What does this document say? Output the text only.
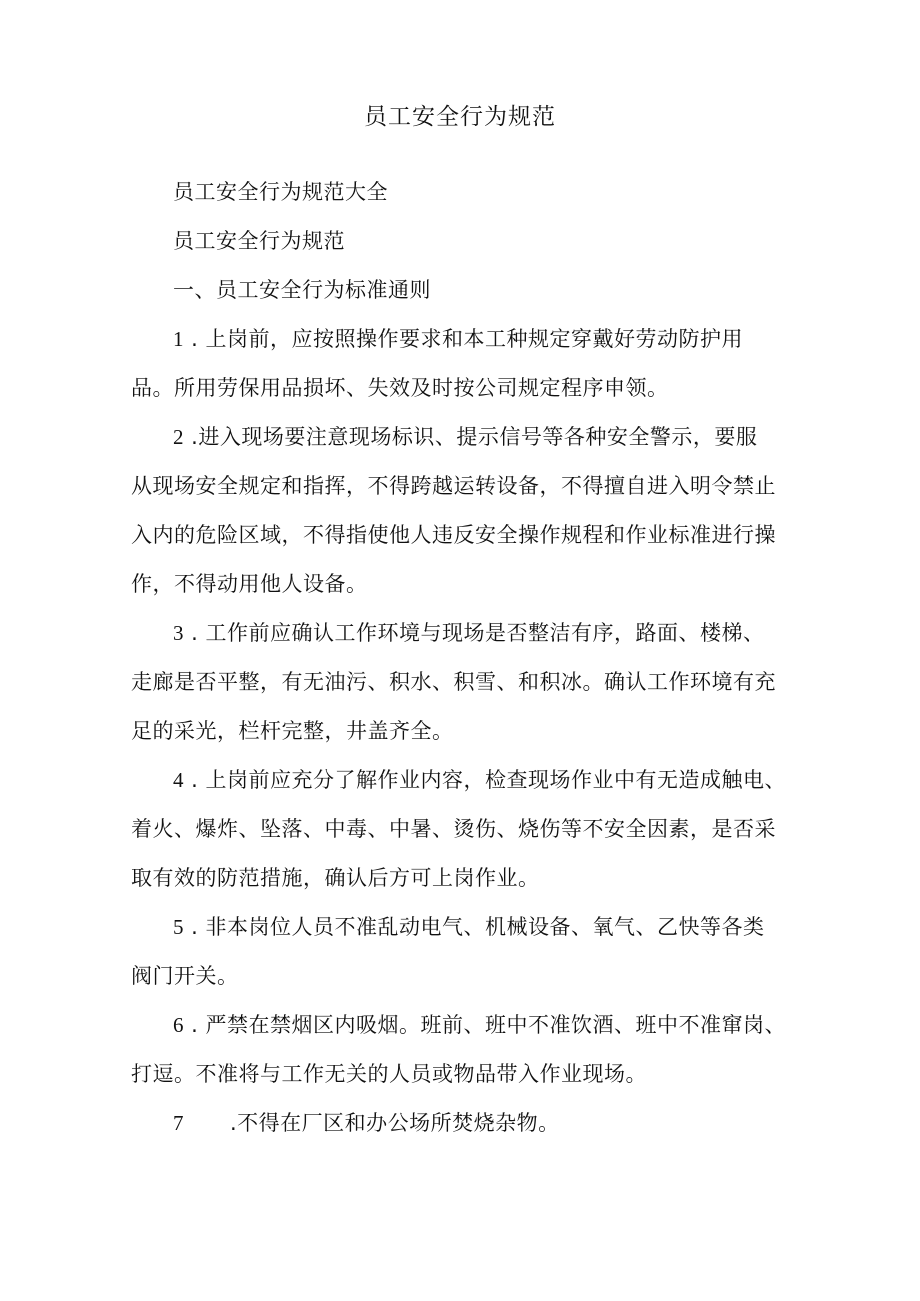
员工安全行为规范
员工安全行为规范大全
员工安全行为规范
一、员工安全行为标准通则
1 . 上岗前，应按照操作要求和本工种规定穿戴好劳动防护用
品。所用劳保用品损坏、失效及时按公司规定程序申领。
2 .进入现场要注意现场标识、提示信号等各种安全警示，要服
从现场安全规定和指挥，不得跨越运转设备，不得擅自进入明令禁止
入内的危险区域，不得指使他人违反安全操作规程和作业标准进行操
作，不得动用他人设备。
3 . 工作前应确认工作环境与现场是否整洁有序，路面、楼梯、
走廊是否平整，有无油污、积水、积雪、和积冰。确认工作环境有充
足的采光，栏杆完整，井盖齐全。
4 . 上岗前应充分了解作业内容，检查现场作业中有无造成触电、
着火、爆炸、坠落、中毒、中暑、烫伤、烧伤等不安全因素，是否采
取有效的防范措施，确认后方可上岗作业。
5 . 非本岗位人员不准乱动电气、机械设备、氧气、乙快等各类
阀门开关。
6 . 严禁在禁烟区内吸烟。班前、班中不准饮酒、班中不准窜岗、
打逗。不准将与工作无关的人员或物品带入作业现场。
7 .不得在厂区和办公场所焚烧杂物。
